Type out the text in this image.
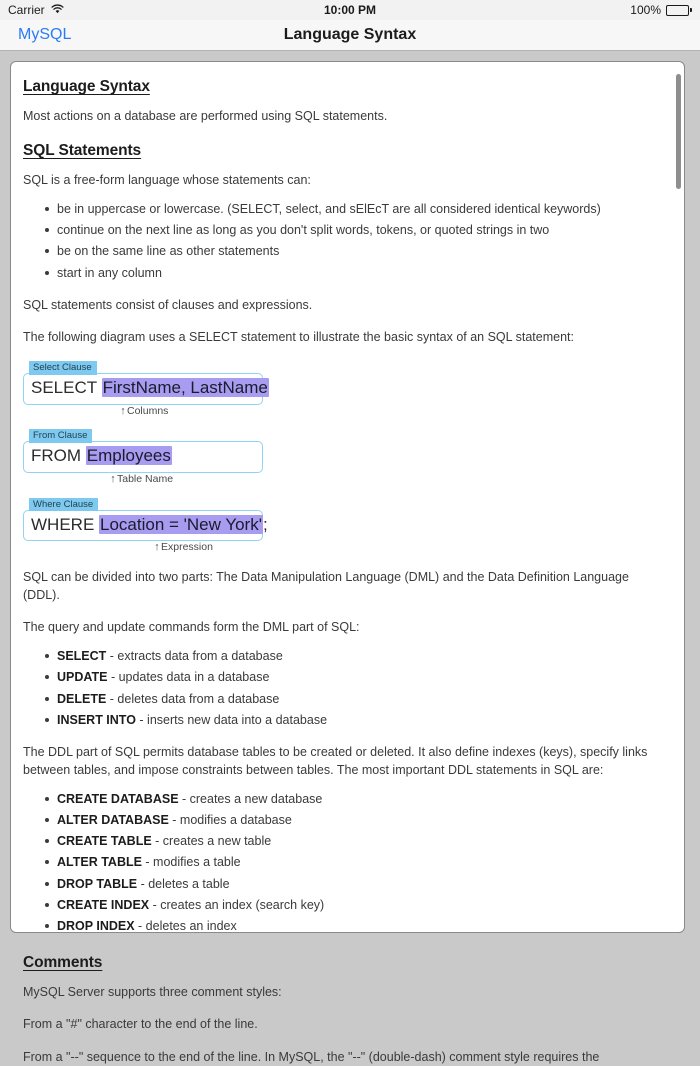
Carrier	10:00 PM	100%
MySQL	Language Syntax
Language Syntax

Most actions on a database are performed using SQL statements.

SQL Statements

SQL is a free-form language whose statements can:

be in uppercase or lowercase. (SELECT, select, and sElEcT are all considered identical keywords)
continue on the next line as long as you don't split words, tokens, or quoted strings in two
be on the same line as other statements
start in any column

SQL statements consist of clauses and expressions.

The following diagram uses a SELECT statement to illustrate the basic syntax of an SQL statement:

Select Clause
SELECT FirstName, LastName
↑ Columns
From Clause
FROM Employees
↑ Table Name
Where Clause
WHERE Location = 'New York';
↑ Expression

SQL can be divided into two parts: The Data Manipulation Language (DML) and the Data Definition Language (DDL).

The query and update commands form the DML part of SQL:

SELECT - extracts data from a database
UPDATE - updates data in a database
DELETE - deletes data from a database
INSERT INTO - inserts new data into a database

The DDL part of SQL permits database tables to be created or deleted. It also define indexes (keys), specify links between tables, and impose constraints between tables. The most important DDL statements in SQL are:

CREATE DATABASE - creates a new database
ALTER DATABASE - modifies a database
CREATE TABLE - creates a new table
ALTER TABLE - modifies a table
DROP TABLE - deletes a table
CREATE INDEX - creates an index (search key)
DROP INDEX - deletes an index
Comments

MySQL Server supports three comment styles:

From a "#" character to the end of the line.

From a "--" sequence to the end of the line. In MySQL, the "--" (double-dash) comment style requires the
